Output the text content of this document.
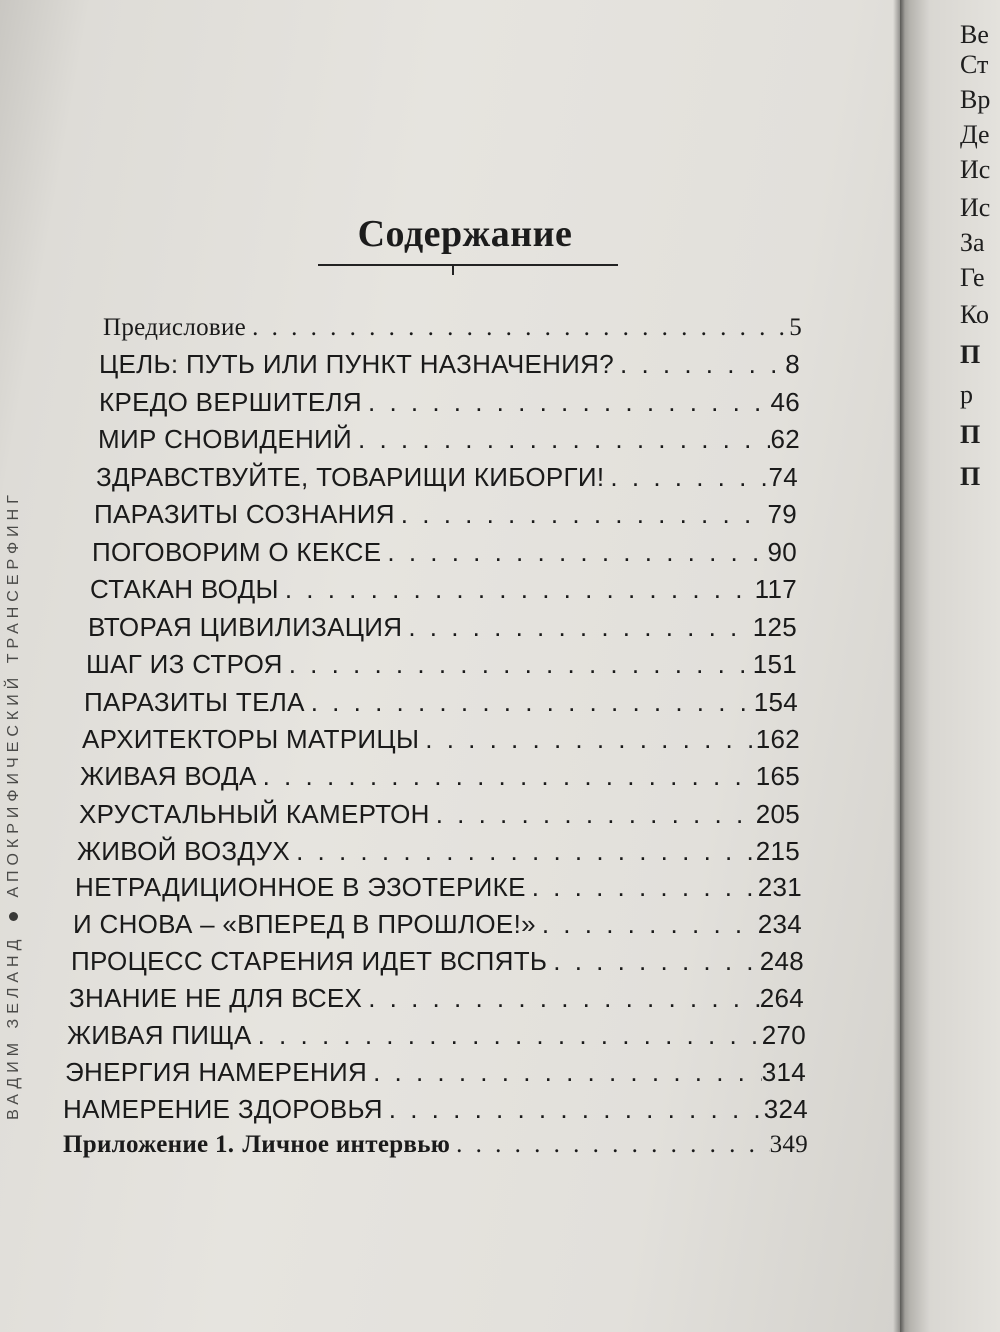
ВАДИМ ЗЕЛАНДАПОКРИФИЧЕСКИЙ ТРАНСЕРФИНГ
Содержание
Предисловие . . .	5
ЦЕЛЬ: ПУТЬ ИЛИ ПУНКТ НАЗНАЧЕНИЯ? . . .	8
КРЕДО ВЕРШИТЕЛЯ . . .	46
МИР СНОВИДЕНИЙ . . .	62
ЗДРАВСТВУЙТЕ, ТОВАРИЩИ КИБОРГИ! . . .	74
ПАРАЗИТЫ СОЗНАНИЯ . . .	79
ПОГОВОРИМ О КЕКСЕ . . .	90
СТАКАН ВОДЫ . . .	117
ВТОРАЯ ЦИВИЛИЗАЦИЯ . . .	125
ШАГ ИЗ СТРОЯ . . .	151
ПАРАЗИТЫ ТЕЛА . . .	154
АРХИТЕКТОРЫ МАТРИЦЫ . . .	162
ЖИВАЯ ВОДА . . .	165
ХРУСТАЛЬНЫЙ КАМЕРТОН . . .	205
ЖИВОЙ ВОЗДУХ . . .	215
НЕТРАДИЦИОННОЕ В ЭЗОТЕРИКЕ . . .	231
И СНОВА – «ВПЕРЕД В ПРОШЛОЕ!» . . .	234
ПРОЦЕСС СТАРЕНИЯ ИДЕТ ВСПЯТЬ . . .	248
ЗНАНИЕ НЕ ДЛЯ ВСЕХ . . .	264
ЖИВАЯ ПИЩА . . .	270
ЭНЕРГИЯ НАМЕРЕНИЯ . . .	314
НАМЕРЕНИЕ ЗДОРОВЬЯ . . .	324
Приложение 1. Личное интервью . . .	349
Ве
Ст
Вр
Де
Ис
Ис
За
Ге
Ко
П
р
П
П
